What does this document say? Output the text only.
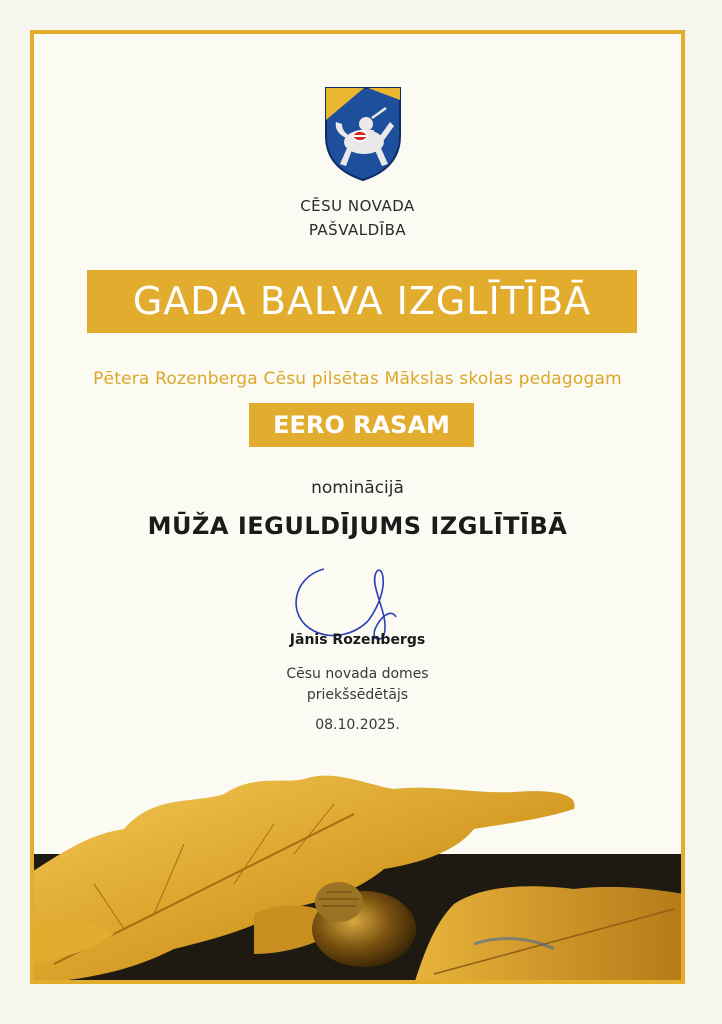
CĒSU NOVADA
PAŠVALDĪBA
GADA BALVA IZGLĪTĪBĀ
Pētera Rozenberga Cēsu pilsētas Mākslas skolas pedagogam
EERO RASAM
nominācijā
MŪŽA IEGULDĪJUMS IZGLĪTĪBĀ
Jānis Rozenbergs
Cēsu novada domes
priekšsēdētājs
08.10.2025.
